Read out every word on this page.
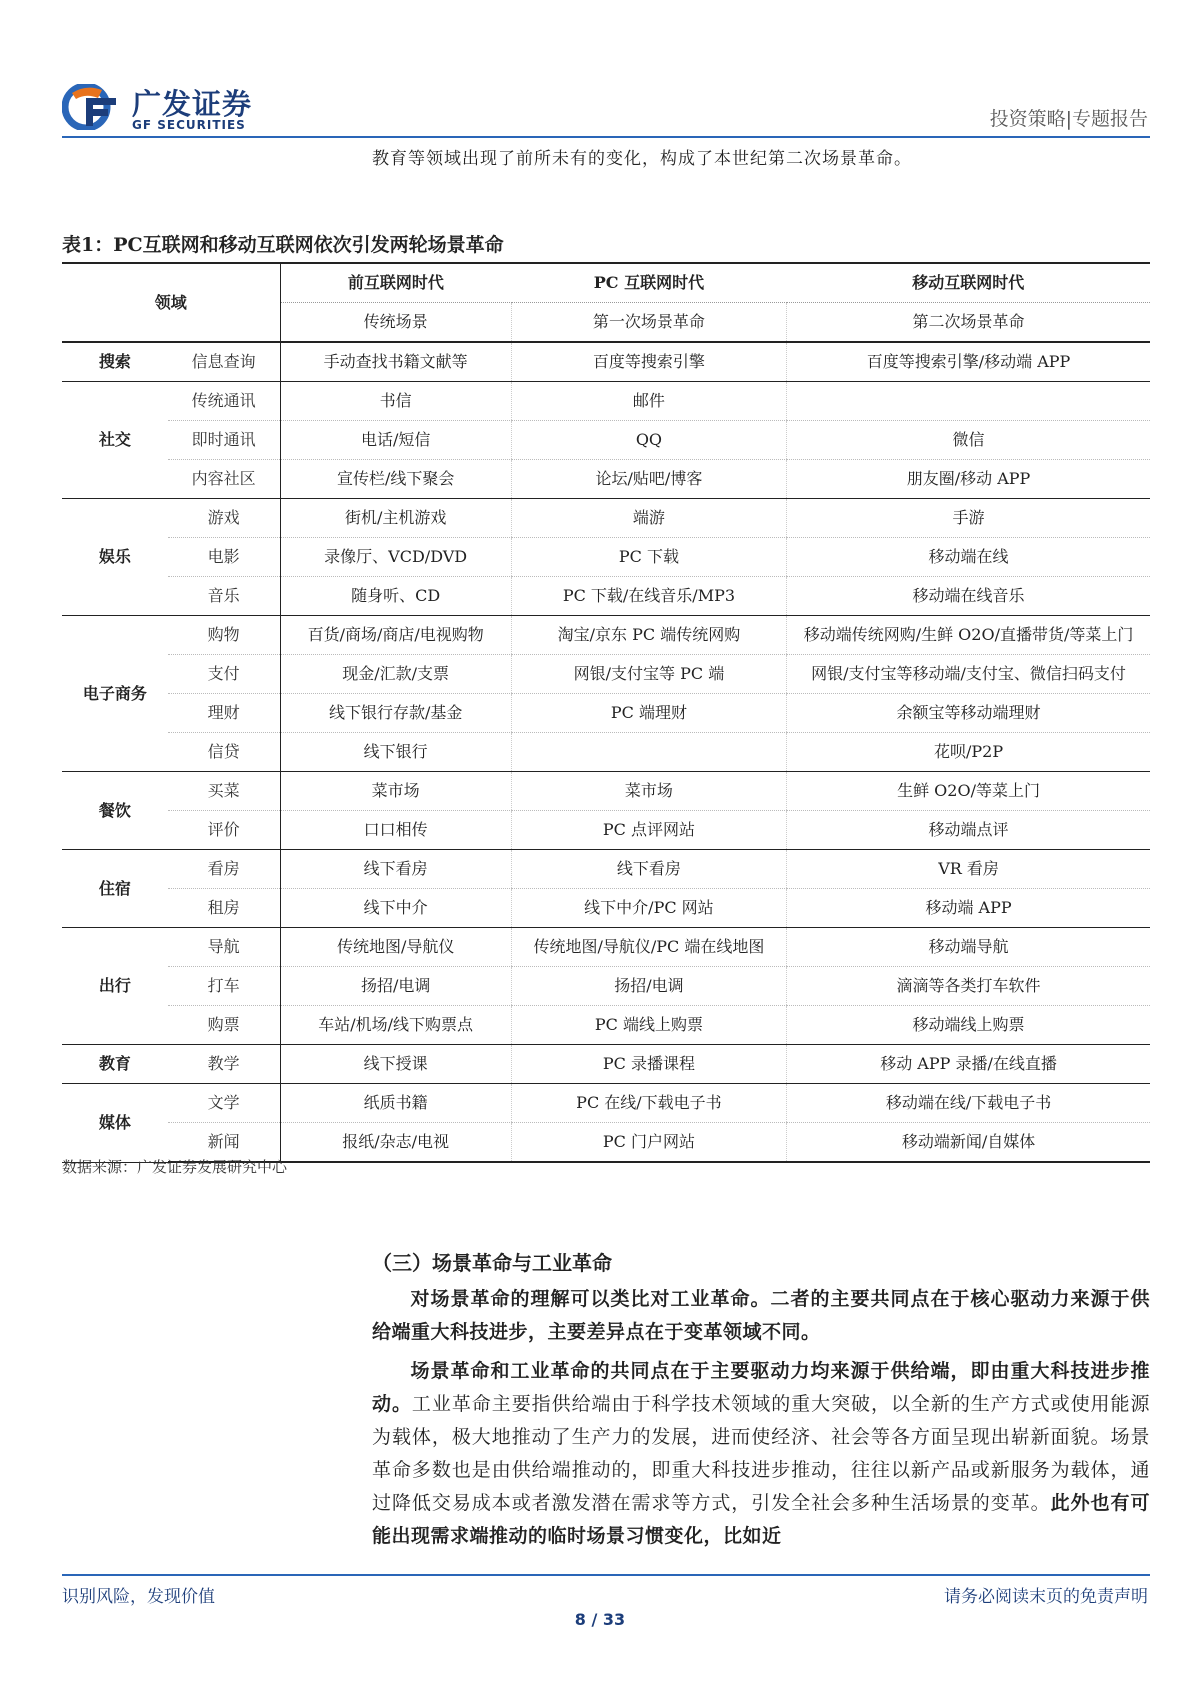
广发证券
GF SECURITIES	投资策略|专题报告
教育等领域出现了前所未有的变化，构成了本世纪第二次场景革命。
表1：PC互联网和移动互联网依次引发两轮场景革命
领域		前互联网时代	PC 互联网时代	移动互联网时代
		传统场景	第一次场景革命	第二次场景革命
搜索	信息查询	手动查找书籍文献等	百度等搜索引擎	百度等搜索引擎/移动端 APP
社交	传统通讯	书信	邮件	
	即时通讯	电话/短信	QQ	微信
	内容社区	宣传栏/线下聚会	论坛/贴吧/博客	朋友圈/移动 APP
娱乐	游戏	街机/主机游戏	端游	手游
	电影	录像厅、VCD/DVD	PC 下载	移动端在线
	音乐	随身听、CD	PC 下载/在线音乐/MP3	移动端在线音乐
电子商务	购物	百货/商场/商店/电视购物	淘宝/京东 PC 端传统网购	移动端传统网购/生鲜 O2O/直播带货/等菜上门
	支付	现金/汇款/支票	网银/支付宝等 PC 端	网银/支付宝等移动端/支付宝、微信扫码支付
	理财	线下银行存款/基金	PC 端理财	余额宝等移动端理财
	信贷	线下银行		花呗/P2P
餐饮	买菜	菜市场	菜市场	生鲜 O2O/等菜上门
	评价	口口相传	PC 点评网站	移动端点评
住宿	看房	线下看房	线下看房	VR 看房
	租房	线下中介	线下中介/PC 网站	移动端 APP
出行	导航	传统地图/导航仪	传统地图/导航仪/PC 端在线地图	移动端导航
	打车	扬招/电调	扬招/电调	滴滴等各类打车软件
	购票	车站/机场/线下购票点	PC 端线上购票	移动端线上购票
教育	教学	线下授课	PC 录播课程	移动 APP 录播/在线直播
媒体	文学	纸质书籍	PC 在线/下载电子书	移动端在线/下载电子书
	新闻	报纸/杂志/电视	PC 门户网站	移动端新闻/自媒体
数据来源：广发证券发展研究中心
（三）场景革命与工业革命
对场景革命的理解可以类比对工业革命。二者的主要共同点在于核心驱动力来源于供给端重大科技进步，主要差异点在于变革领域不同。
场景革命和工业革命的共同点在于主要驱动力均来源于供给端，即由重大科技进步推动。工业革命主要指供给端由于科学技术领域的重大突破，以全新的生产方式或使用能源为载体，极大地推动了生产力的发展，进而使经济、社会等各方面呈现出崭新面貌。场景革命多数也是由供给端推动的，即重大科技进步推动，往往以新产品或新服务为载体，通过降低交易成本或者激发潜在需求等方式，引发全社会多种生活场景的变革。此外也有可能出现需求端推动的临时场景习惯变化，比如近
识别风险，发现价值	请务必阅读末页的免责声明
8 / 33
